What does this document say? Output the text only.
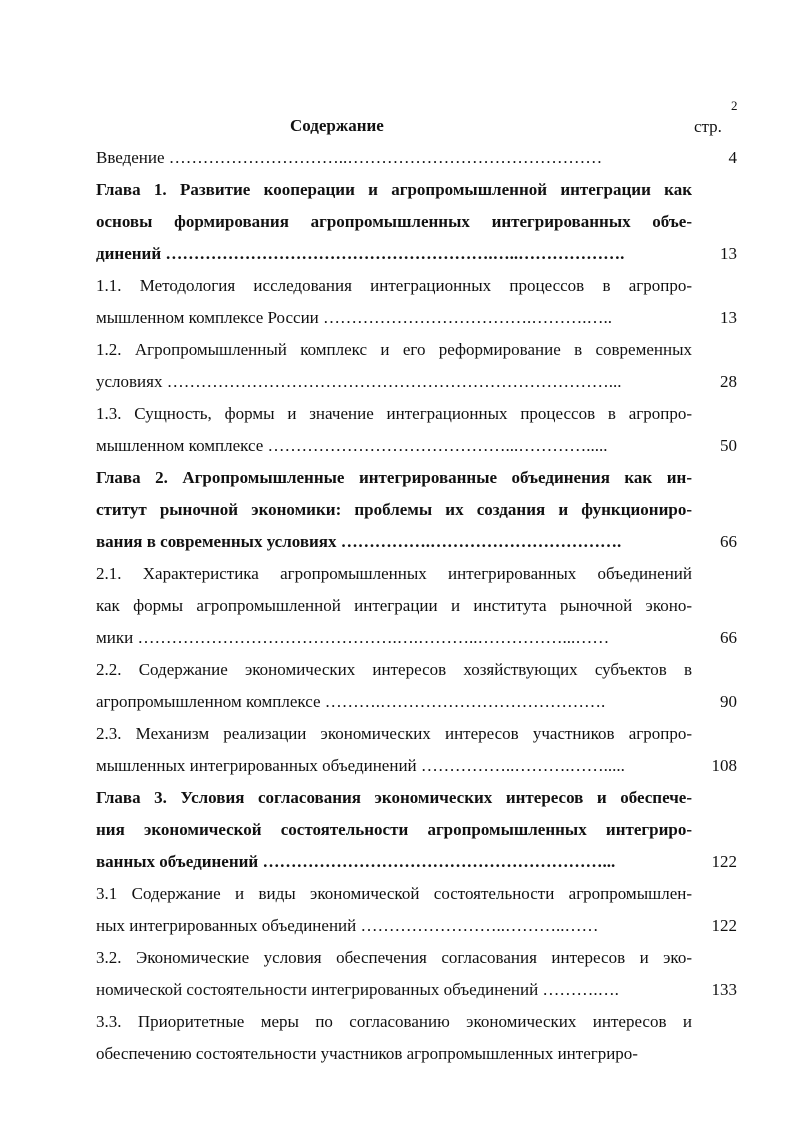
2
Содержание	стр.
Введение …………………………..………………………………………	4
Глава 1. Развитие кооперации и агропромышленной интеграции как
основы формирования агропромышленных интегрированных объе-
динений ………………………………………………….…..……………….	13
1.1. Методология исследования интеграционных процессов в агропро-
мышленном комплексе России ……………………………….……….…..	13
1.2. Агропромышленный комплекс и его реформирование в современных
условиях ……………………………………………………………………...	28
1.3. Сущность, формы и значение интеграционных процессов в агропро-
мышленном комплексе ……………………………………...………….....	50
Глава 2. Агропромышленные интегрированные объединения как ин-
ститут рыночной экономики: проблемы их создания и функциониро-
вания в современных условиях …………….…………………………….	66
2.1. Характеристика агропромышленных интегрированных объединений
как формы агропромышленной интеграции и института рыночной эконо-
мики ……………………………………….….………..……………...……	66
2.2. Содержание экономических интересов хозяйствующих субъектов в
агропромышленном комплексе ……….………………………………….	90
2.3. Механизм реализации экономических интересов участников агропро-
мышленных интегрированных объединений ……………..……….…….....	108
Глава 3. Условия согласования экономических интересов и обеспече-
ния экономической состоятельности агропромышленных интегриро-
ванных объединений ……………………………………………………...	122
3.1 Содержание и виды экономической состоятельности агропромышлен-
ных интегрированных объединений ……………………..………..……	122
3.2. Экономические условия обеспечения согласования интересов и эко-
номической состоятельности интегрированных объединений ……….….	133
3.3. Приоритетные меры по согласованию экономических интересов и
обеспечению состоятельности участников агропромышленных интегриро-
